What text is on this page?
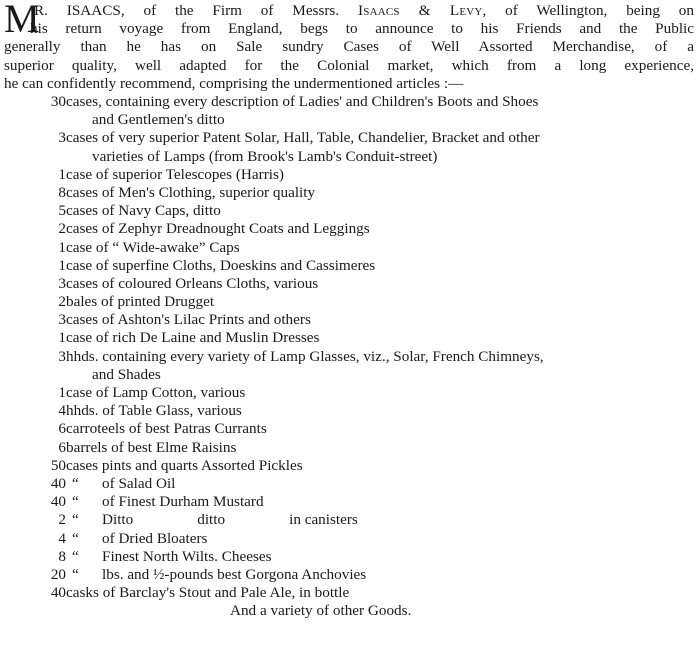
M
R. ISAACS, of the Firm of Messrs. Isaacs & Levy, of Wellington, being on
his return voyage from England, begs to announce to his Friends and the Public
generally than he has on Sale sundry Cases of Well Assorted Merchandise, of a
superior quality, well adapted for the Colonial market, which from a long experience,
he can confidently recommend, comprising the undermentioned articles :—
30 cases, containing every description of Ladies' and Children's Boots and Shoes
and Gentlemen's ditto
3 cases of very superior Patent Solar, Hall, Table, Chandelier, Bracket and other
varieties of Lamps (from Brook's Lamb's Conduit-street)
1 case of superior Telescopes (Harris)
8 cases of Men's Clothing, superior quality
5 cases of Navy Caps, ditto
2 cases of Zephyr Dreadnought Coats and Leggings
1 case of “ Wide-awake” Caps
1 case of superfine Cloths, Doeskins and Cassimeres
3 cases of coloured Orleans Cloths, various
2 bales of printed Drugget
3 cases of Ashton's Lilac Prints and others
1 case of rich De Laine and Muslin Dresses
3 hhds. containing every variety of Lamp Glasses, viz., Solar, French Chimneys,
and Shades
1 case of Lamp Cotton, various
4 hhds. of Table Glass, various
6 carroteels of best Patras Currants
6 barrels of best Elme Raisins
50 cases pints and quarts Assorted Pickles
40 “ of Salad Oil
40 “ of Finest Durham Mustard
2 “ Ditto	ditto	in canisters
4 “ of Dried Bloaters
8 “ Finest North Wilts. Cheeses
20 “ lbs. and ½-pounds best Gorgona Anchovies
40 casks of Barclay's Stout and Pale Ale, in bottle
And a variety of other Goods.
